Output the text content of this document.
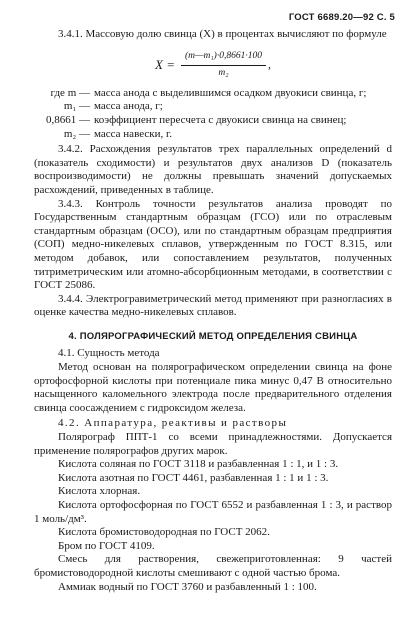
ГОСТ 6689.20—92 С. 5

3.4.1. Массовую долю свинца (X) в процентах вычисляют по формуле

$X = \frac{\text{(m—m₁)·0,8661·100}}{\text{m₂}}$ ,
где m — масса анода с выделившимся осадком двуокиси свинца, г;
m₁ — масса анода, г;
0,8661 — коэффициент пересчета с двуокиси свинца на свинец;
m₂ — масса навески, г.

3.4.2. Расхождения результатов трех параллельных определений d (показатель сходимости) и результатов двух анализов D (показатель воспроизводимости) не должны превышать значений допускаемых расхождений, приведенных в таблице.

3.4.3. Контроль точности результатов анализа проводят по Государственным стандартным образцам (ГСО) или по отраслевым стандартным образцам (ОСО), или по стандартным образцам предприятия (СОП) медно-никелевых сплавов, утвержденным по ГОСТ 8.315, или методом добавок, или сопоставлением результатов, полученных титриметрическим или атомно-абсорбционным методами, в соответствии с ГОСТ 25086.

3.4.4. Электрогравиметрический метод применяют при разногласиях в оценке качества медно-никелевых сплавов.

4. ПОЛЯРОГРАФИЧЕСКИЙ МЕТОД ОПРЕДЕЛЕНИЯ СВИНЦА

4.1. Сущность метода

Метод основан на полярографическом определении свинца на фоне ортофосфорной кислоты при потенциале пика минус 0,47 В относительно насыщенного каломельного электрода после предварительного отделения свинца соосаждением с гидроксидом железа.

4.2. Аппаратура, реактивы и растворы

Полярограф ППТ-1 со всеми принадлежностями. Допускается применение полярографов других марок.

Кислота соляная по ГОСТ 3118 и разбавленная 1 : 1, и 1 : 3.

Кислота азотная по ГОСТ 4461, разбавленная 1 : 1 и 1 : 3.

Кислота хлорная.

Кислота ортофосфорная по ГОСТ 6552 и разбавленная 1 : 3, и раствор 1 моль/дм³.

Кислота бромистоводородная по ГОСТ 2062.

Бром по ГОСТ 4109.

Смесь для растворения, свежеприготовленная: 9 частей бромистоводородной кислоты смешивают с одной частью брома.

Аммиак водный по ГОСТ 3760 и разбавленный 1 : 100.
